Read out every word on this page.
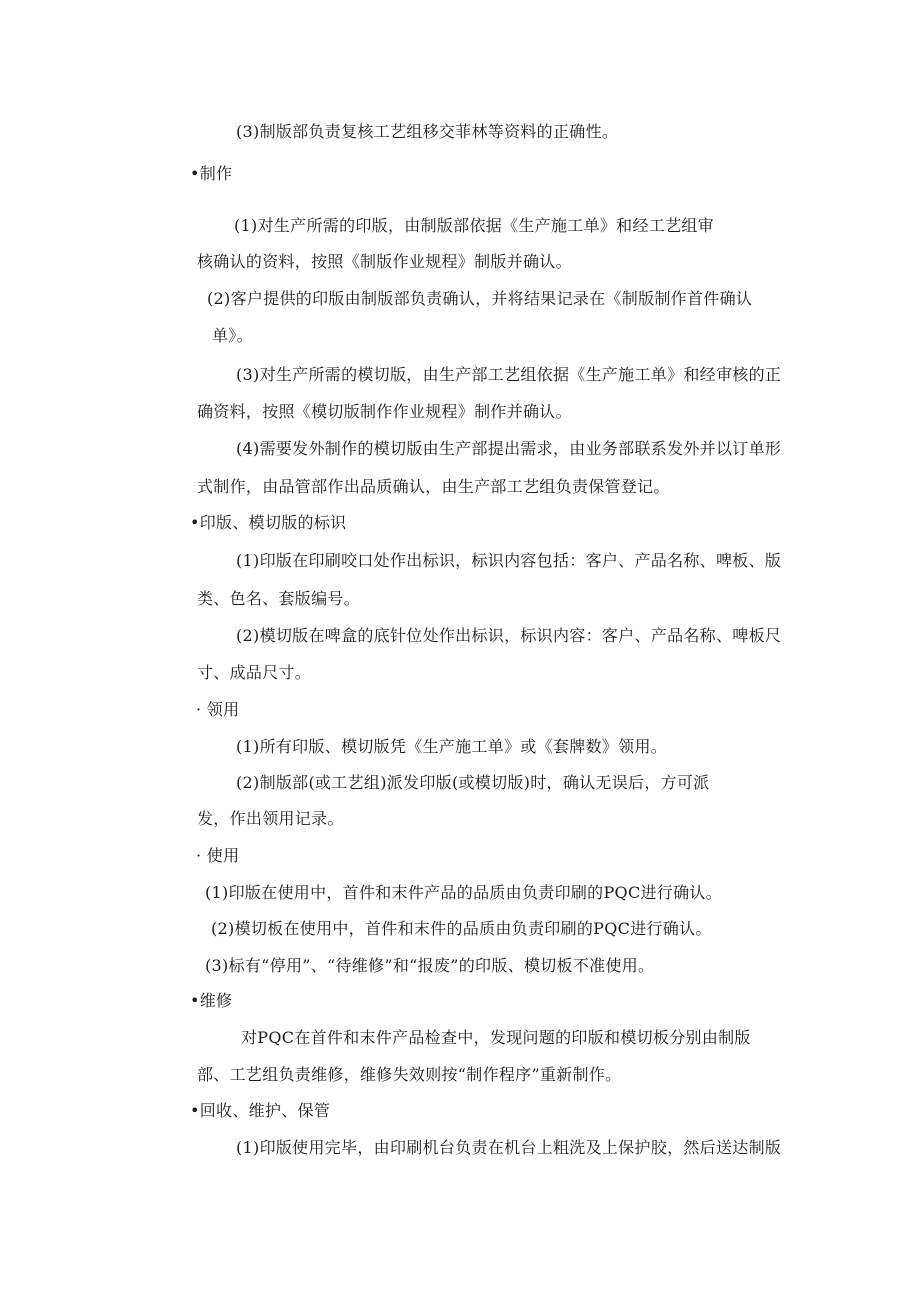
(3)制版部负责复核工艺组移交菲林等资料的正确性。
•制作
(1)对生产所需的印版，由制版部依据《生产施工单》和经工艺组审
核确认的资料，按照《制版作业规程》制版并确认。
(2)客户提供的印版由制版部负责确认，并将结果记录在《制版制作首件确认
单》。
(3)对生产所需的模切版，由生产部工艺组依据《生产施工单》和经审核的正
确资料，按照《模切版制作作业规程》制作并确认。
(4)需要发外制作的模切版由生产部提出需求，由业务部联系发外并以订单形
式制作，由品管部作出品质确认，由生产部工艺组负责保管登记。
•印版、模切版的标识
(1)印版在印刷咬口处作出标识，标识内容包括：客户、产品名称、啤板、版
类、色名、套版编号。
(2)模切版在啤盒的底针位处作出标识，标识内容：客户、产品名称、啤板尺
寸、成品尺寸。
· 领用
(1)所有印版、模切版凭《生产施工单》或《套牌数》领用。
(2)制版部(或工艺组)派发印版(或模切版)时，确认无误后，方可派
发，作出领用记录。
· 使用
(1)印版在使用中，首件和末件产品的品质由负责印刷的PQC进行确认。
(2)模切板在使用中，首件和末件的品质由负责印刷的PQC进行确认。
(3)标有“停用”、“待维修”和“报废”的印版、模切板不准使用。
•维修
对PQC在首件和末件产品检查中，发现问题的印版和模切板分别由制版
部、工艺组负责维修，维修失效则按“制作程序”重新制作。
•回收、维护、保管
(1)印版使用完毕，由印刷机台负责在机台上粗洗及上保护胶，然后送达制版
